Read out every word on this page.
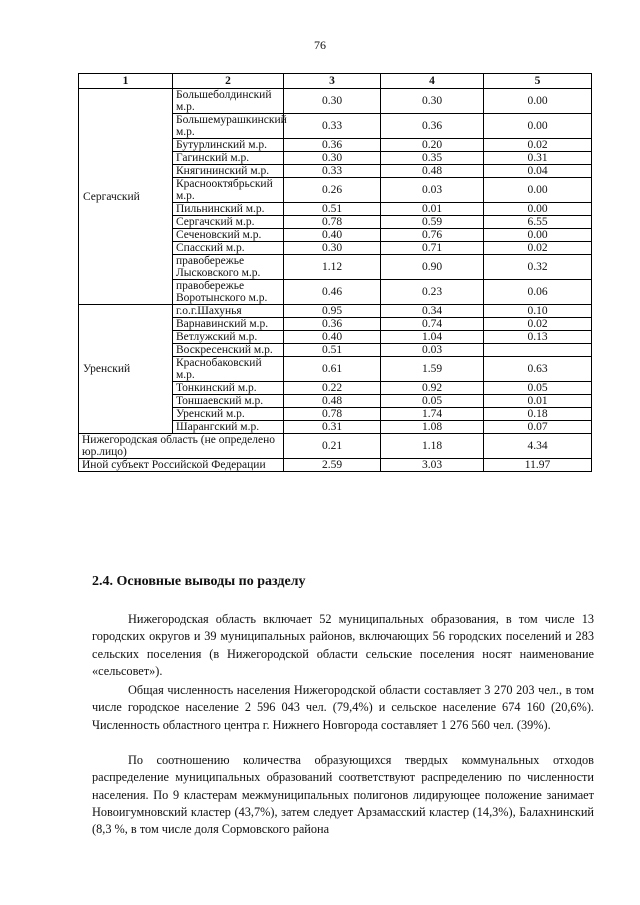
76
1	2	3	4	5
Сергачский	Большеболдинский м.р.	0.30	0.30	0.00
	Большемурашкинский м.р.	0.33	0.36	0.00
	Бутурлинский м.р.	0.36	0.20	0.02
	Гагинский м.р.	0.30	0.35	0.31
	Княгининский м.р.	0.33	0.48	0.04
	Краснооктябрьский м.р.	0.26	0.03	0.00
	Пильнинский м.р.	0.51	0.01	0.00
	Сергачский м.р.	0.78	0.59	6.55
	Сеченовский м.р.	0.40	0.76	0.00
	Спасский м.р.	0.30	0.71	0.02
	правобережье Лысковского м.р.	1.12	0.90	0.32
	правобережье Воротынского м.р.	0.46	0.23	0.06
Уренский	г.о.г.Шахунья	0.95	0.34	0.10
	Варнавинский м.р.	0.36	0.74	0.02
	Ветлужский м.р.	0.40	1.04	0.13
	Воскресенский м.р.	0.51	0.03	
	Краснобаковский м.р.	0.61	1.59	0.63
	Тонкинский м.р.	0.22	0.92	0.05
	Тоншаевский м.р.	0.48	0.05	0.01
	Уренский м.р.	0.78	1.74	0.18
	Шарангский м.р.	0.31	1.08	0.07
Нижегородская область (не определено юр.лицо)		0.21	1.18	4.34
Иной субъект Российской Федерации		2.59	3.03	11.97
2.4. Основные выводы по разделу

Нижегородская область включает 52 муниципальных образования, в том числе 13 городских округов и 39 муниципальных районов, включающих 56 городских поселений и 283 сельских поселения (в Нижегородской области сельские поселения носят наименование «сельсовет»).

Общая численность населения Нижегородской области составляет 3 270 203 чел., в том числе городское население 2 596 043 чел. (79,4%) и сельское население 674 160 (20,6%). Численность областного центра г. Нижнего Новгорода составляет 1 276 560 чел. (39%).

По соотношению количества образующихся твердых коммунальных отходов распределение муниципальных образований соответствуют распределению по численности населения. По 9 кластерам межмуниципальных полигонов лидирующее положение занимает Новоигумновский кластер (43,7%), затем следует Арзамасский кластер (14,3%), Балахнинский (8,3 %, в том числе доля Сормовского района
